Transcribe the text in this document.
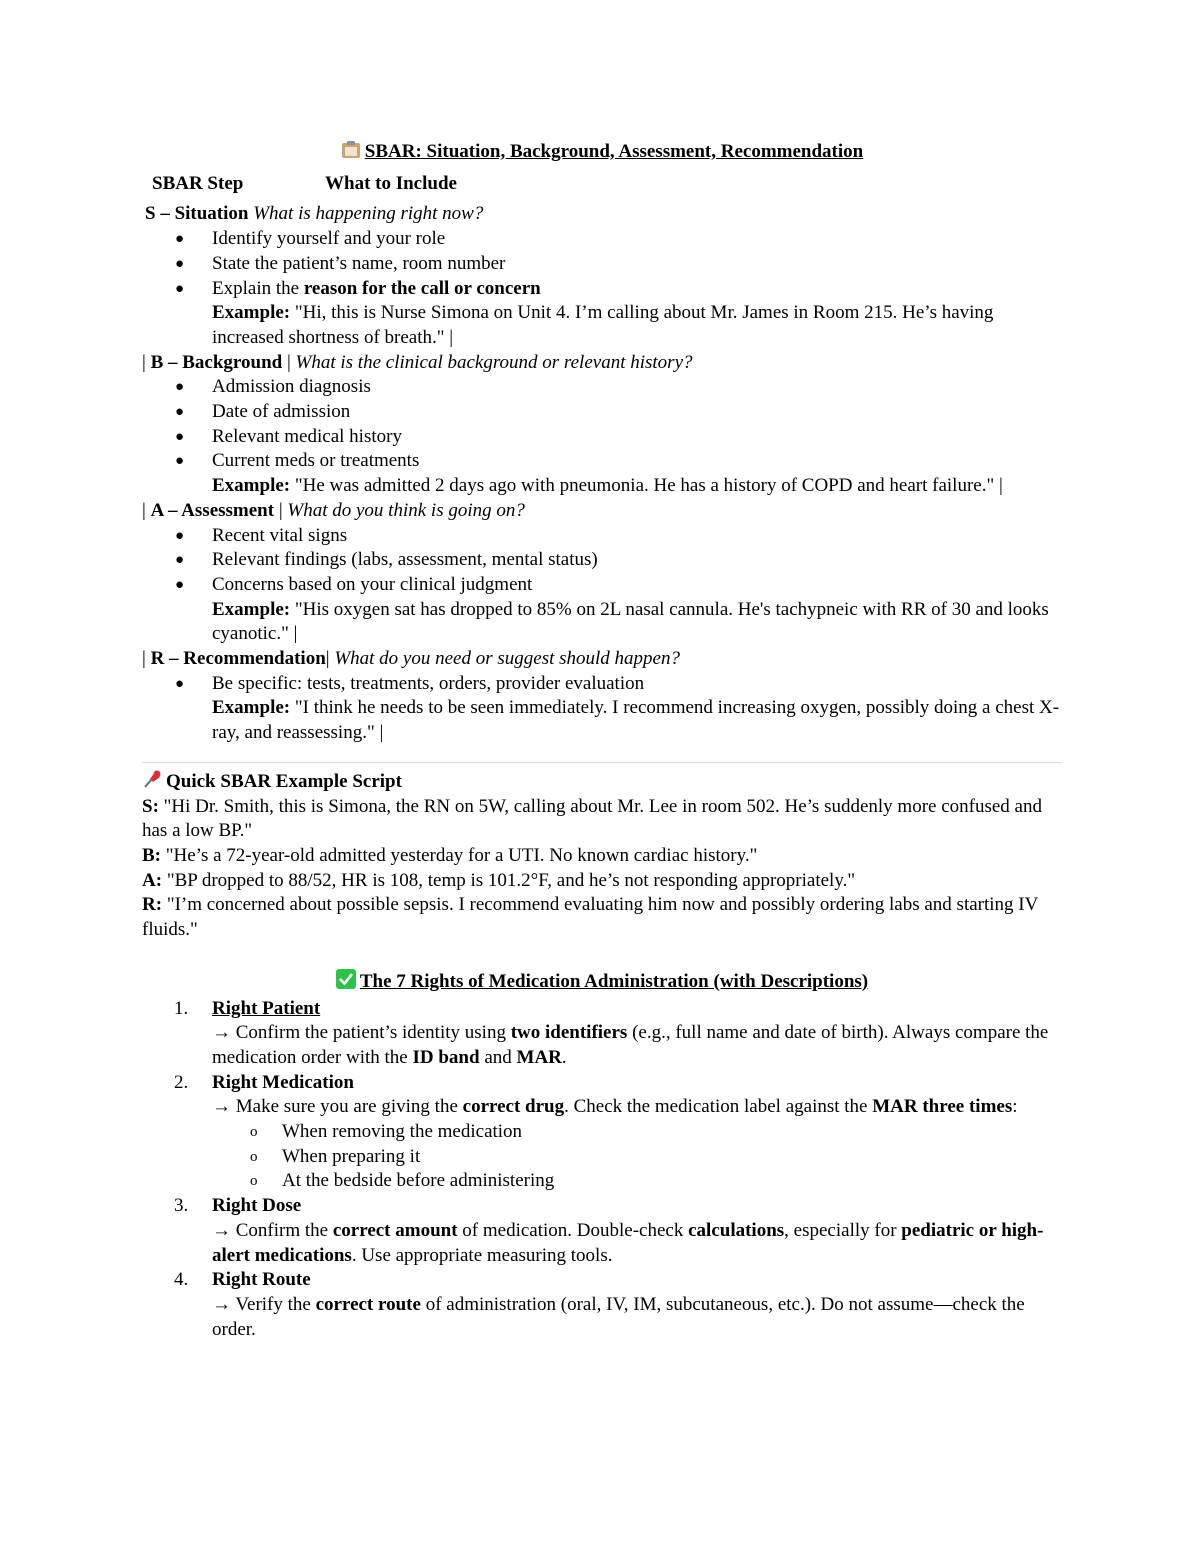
SBAR: Situation, Background, Assessment, Recommendation
SBAR Step	What to Include
S – Situation What is happening right now?
● Identify yourself and your role
● State the patient’s name, room number
● Explain the reason for the call or concern
Example: "Hi, this is Nurse Simona on Unit 4. I’m calling about Mr. James in Room 215. He’s having increased shortness of breath." |
| B – Background | What is the clinical background or relevant history?
● Admission diagnosis
● Date of admission
● Relevant medical history
● Current meds or treatments
Example: "He was admitted 2 days ago with pneumonia. He has a history of COPD and heart failure." |
| A – Assessment | What do you think is going on?
● Recent vital signs
● Relevant findings (labs, assessment, mental status)
● Concerns based on your clinical judgment
Example: "His oxygen sat has dropped to 85% on 2L nasal cannula. He's tachypneic with RR of 30 and looks cyanotic." |
| R – Recommendation| What do you need or suggest should happen?
● Be specific: tests, treatments, orders, provider evaluation
Example: "I think he needs to be seen immediately. I recommend increasing oxygen, possibly doing a chest X-ray, and reassessing." |
Quick SBAR Example Script
S: "Hi Dr. Smith, this is Simona, the RN on 5W, calling about Mr. Lee in room 502. He’s suddenly more confused and has a low BP."
B: "He’s a 72-year-old admitted yesterday for a UTI. No known cardiac history."
A: "BP dropped to 88/52, HR is 108, temp is 101.2°F, and he’s not responding appropriately."
R: "I’m concerned about possible sepsis. I recommend evaluating him now and possibly ordering labs and starting IV fluids."
The 7 Rights of Medication Administration (with Descriptions)
1. Right Patient
→ Confirm the patient’s identity using two identifiers (e.g., full name and date of birth). Always compare the medication order with the ID band and MAR.
2. Right Medication
→ Make sure you are giving the correct drug. Check the medication label against the MAR three times:
o When removing the medication
o When preparing it
o At the bedside before administering
3. Right Dose
→ Confirm the correct amount of medication. Double-check calculations, especially for pediatric or high-alert medications. Use appropriate measuring tools.
4. Right Route
→ Verify the correct route of administration (oral, IV, IM, subcutaneous, etc.). Do not assume—check the order.
